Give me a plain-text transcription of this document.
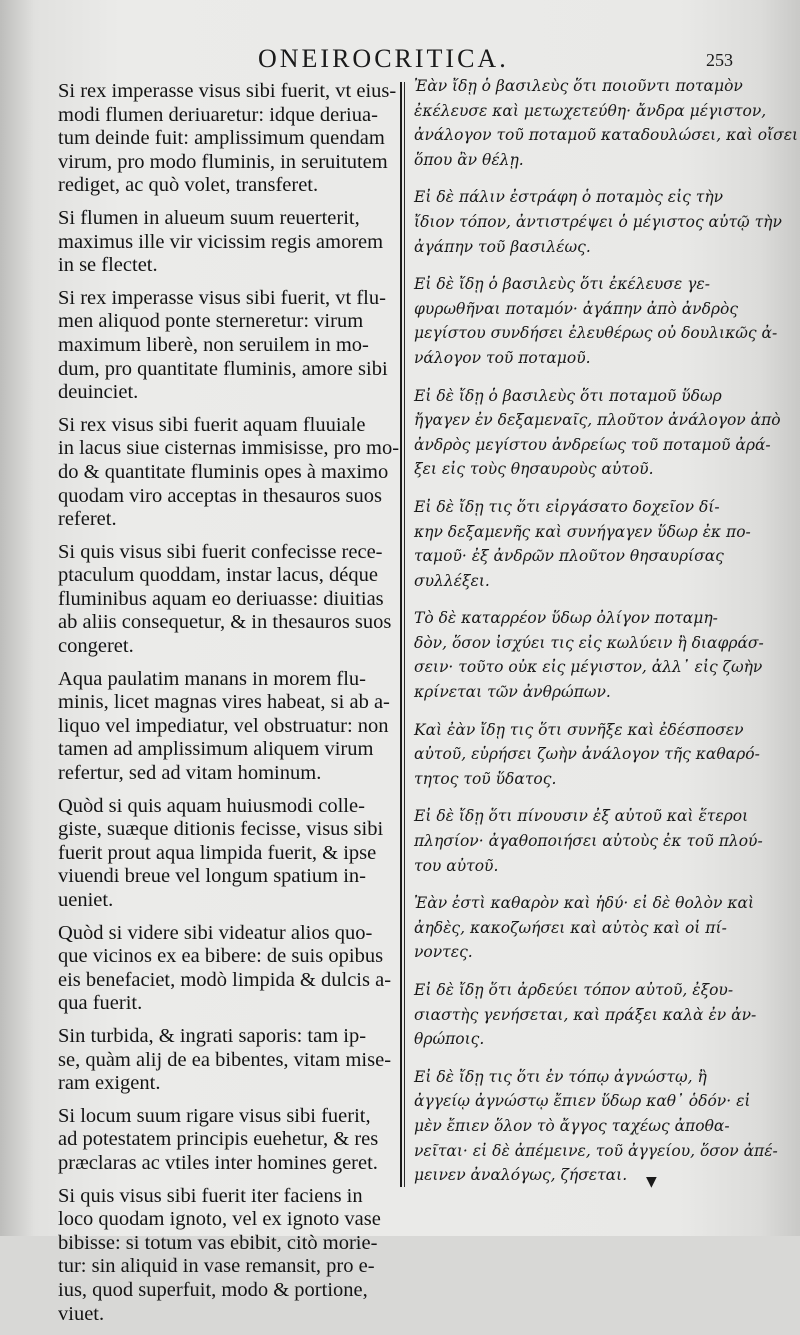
ONEIROCRITICA.	253

Si rex imperasse visus sibi fuerit, vt eius-
modi flumen deriuaretur: idque deriua-
tum deinde fuit: amplissimum quendam
virum, pro modo fluminis, in seruitutem
rediget, ac quò volet, transferet.

Si flumen in alueum suum reuerterit,
maximus ille vir vicissim regis amorem
in se flectet.

Si rex imperasse visus sibi fuerit, vt flu-
men aliquod ponte sterneretur: virum
maximum liberè, non seruilem in mo-
dum, pro quantitate fluminis, amore sibi
deuinciet.

Si rex visus sibi fuerit aquam fluuiale
in lacus siue cisternas immisisse, pro mo-
do & quantitate fluminis opes à maximo
quodam viro acceptas in thesauros suos
referet.

Si quis visus sibi fuerit confecisse rece-
ptaculum quoddam, instar lacus, déque
fluminibus aquam eo deriuasse: diuitias
ab aliis consequetur, & in thesauros suos
congeret.

Aqua paulatim manans in morem flu-
minis, licet magnas vires habeat, si ab a-
liquo vel impediatur, vel obstruatur: non
tamen ad amplissimum aliquem virum
refertur, sed ad vitam hominum.

Quòd si quis aquam huiusmodi colle-
giste, suæque ditionis fecisse, visus sibi
fuerit prout aqua limpida fuerit, & ipse
viuendi breue vel longum spatium in-
ueniet.

Quòd si videre sibi videatur alios quo-
que vicinos ex ea bibere: de suis opibus
eis benefaciet, modò limpida & dulcis a-
qua fuerit.

Sin turbida, & ingrati saporis: tam ip-
se, quàm alij de ea bibentes, vitam mise-
ram exigent.

Si locum suum rigare visus sibi fuerit,
ad potestatem principis euehetur, & res
præclaras ac vtiles inter homines geret.

Si quis visus sibi fuerit iter faciens in
loco quodam ignoto, vel ex ignoto vase
bibisse: si totum vas ebibit, citò morie-
tur: sin aliquid in vase remansit, pro e-
ius, quod superfuit, modo & portione,
viuet.

Ἐὰν ἴδῃ ὁ βασιλεὺς ὅτι ποιοῦντι ποταμὸν
ἐκέλευσε καὶ μετωχετεύθη· ἄνδρα μέγιστον,
ἀνάλογον τοῦ ποταμοῦ καταδουλώσει, καὶ οἴσει
ὅπου ἂν θέλῃ.

Εἰ δὲ πάλιν ἐστράφη ὁ ποταμὸς εἰς τὴν
ἴδιον τόπον, ἀντιστρέψει ὁ μέγιστος αὐτῷ τὴν
ἀγάπην τοῦ βασιλέως.

Εἰ δὲ ἴδῃ ὁ βασιλεὺς ὅτι ἐκέλευσε γε-
φυρωθῆναι ποταμόν· ἀγάπην ἀπὸ ἀνδρὸς
μεγίστου συνδήσει ἐλευθέρως οὐ δουλικῶς ἀ-
νάλογον τοῦ ποταμοῦ.

Εἰ δὲ ἴδῃ ὁ βασιλεὺς ὅτι ποταμοῦ ὕδωρ
ἤγαγεν ἐν δεξαμεναῖς, πλοῦτον ἀνάλογον ἀπὸ
ἀνδρὸς μεγίστου ἀνδρείως τοῦ ποταμοῦ ἀρά-
ξει εἰς τοὺς θησαυροὺς αὐτοῦ.

Εἰ δὲ ἴδῃ τις ὅτι εἰργάσατο δοχεῖον δί-
κην δεξαμενῆς καὶ συνήγαγεν ὕδωρ ἐκ πο-
ταμοῦ· ἐξ ἀνδρῶν πλοῦτον θησαυρίσας
συλλέξει.

Τὸ δὲ καταρρέον ὕδωρ ὀλίγον ποταμη-
δὸν, ὅσον ἰσχύει τις εἰς κωλύειν ἢ διαφράσ-
σειν· τοῦτο οὐκ εἰς μέγιστον, ἀλλ᾽ εἰς ζωὴν
κρίνεται τῶν ἀνθρώπων.

Καὶ ἐὰν ἴδῃ τις ὅτι συνῆξε καὶ ἐδέσποσεν
αὐτοῦ, εὑρήσει ζωὴν ἀνάλογον τῆς καθαρό-
τητος τοῦ ὕδατος.

Εἰ δὲ ἴδῃ ὅτι πίνουσιν ἐξ αὐτοῦ καὶ ἕτεροι
πλησίον· ἀγαθοποιήσει αὐτοὺς ἐκ τοῦ πλού-
του αὐτοῦ.

Ἐὰν ἐστὶ καθαρὸν καὶ ἡδύ· εἰ δὲ θολὸν καὶ
ἀηδὲς, κακοζωήσει καὶ αὐτὸς καὶ οἱ πί-
νοντες.

Εἰ δὲ ἴδῃ ὅτι ἀρδεύει τόπον αὐτοῦ, ἐξου-
σιαστὴς γενήσεται, καὶ πράξει καλὰ ἐν ἀν-
θρώποις.

Εἰ δὲ ἴδῃ τις ὅτι ἐν τόπῳ ἀγνώστῳ, ἢ
ἀγγείῳ ἀγνώστῳ ἔπιεν ὕδωρ καθ᾽ ὁδόν· εἰ
μὲν ἔπιεν ὅλον τὸ ἄγγος ταχέως ἀποθα-
νεῖται· εἰ δὲ ἀπέμεινε, τοῦ ἀγγείου, ὅσον ἀπέ-
μεινεν ἀναλόγως, ζήσεται.	▼
